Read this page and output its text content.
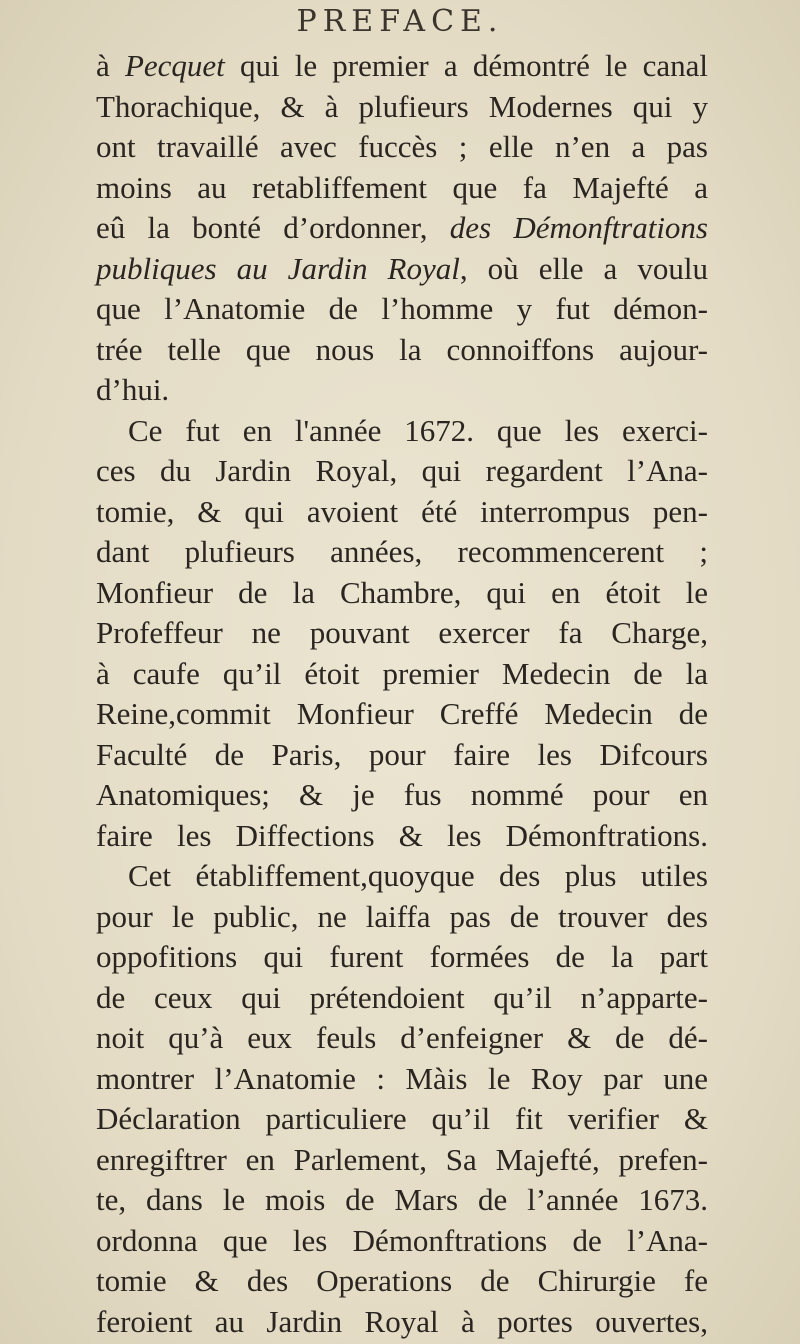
PREFACE.
à Pecquet qui le premier a démontré le canal
Thorachique, & à plufieurs Modernes qui y
ont travaillé avec fuccès ; elle n’en a pas
moins au retabliffement que fa Majefté a
eû la bonté d’ordonner, des Démonftrations
publiques au Jardin Royal, où elle a voulu
que l’Anatomie de l’homme y fut démon-
trée telle que nous la connoiffons aujour-
d’hui.
Ce fut en l'année 1672. que les exerci-
ces du Jardin Royal, qui regardent l’Ana-
tomie, & qui avoient été interrompus pen-
dant plufieurs années, recommencerent ;
Monfieur de la Chambre, qui en étoit le
Profeffeur ne pouvant exercer fa Charge,
à caufe qu’il étoit premier Medecin de la
Reine,commit Monfieur Creffé Medecin de
Faculté de Paris, pour faire les Difcours
Anatomiques; & je fus nommé pour en
faire les Diffections & les Démonftrations.
Cet établiffement,quoyque des plus utiles
pour le public, ne laiffa pas de trouver des
oppofitions qui furent formées de la part
de ceux qui prétendoient qu’il n’apparte-
noit qu’à eux feuls d’enfeigner & de dé-
montrer l’Anatomie : Màis le Roy par une
Déclaration particuliere qu’il fit verifier &
enregiftrer en Parlement, Sa Majefté, prefen-
te, dans le mois de Mars de l’année 1673.
ordonna que les Démonftrations de l’Ana-
tomie & des Operations de Chirurgie fe
feroient au Jardin Royal à portes ouvertes,
